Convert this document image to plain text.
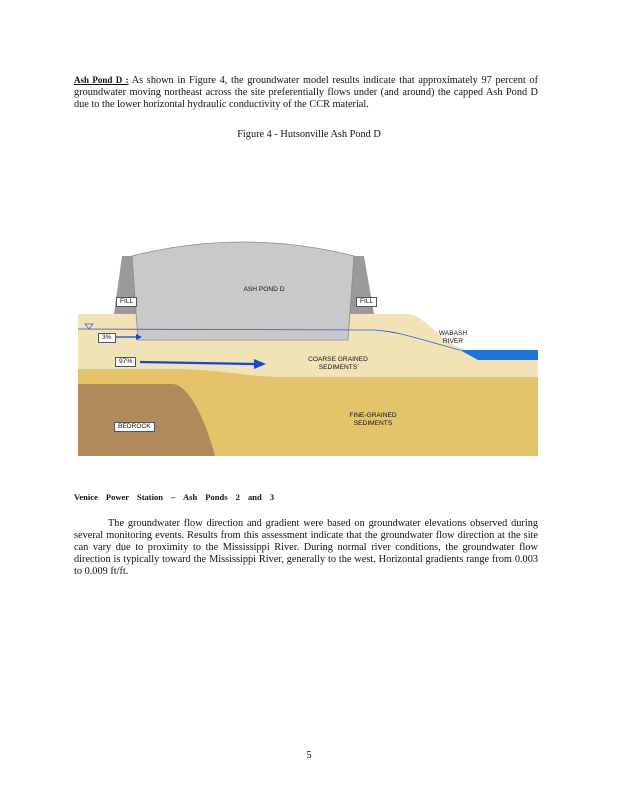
Ash Pond D : As shown in Figure 4, the groundwater model results indicate that approximately 97 percent of groundwater moving northeast across the site preferentially flows under (and around) the capped Ash Pond D due to the lower horizontal hydraulic conductivity of the CCR material.

Figure 4 - Hutsonville Ash Pond D
ASH POND D
FILL	FILL
3%
97%
WABASH
RIVER
COARSE GRAINED
SEDIMENTS
FINE-GRAINED
SEDIMENTS
BEDROCK
Venice Power Station – Ash Ponds 2 and 3

The groundwater flow direction and gradient were based on groundwater elevations observed during several monitoring events. Results from this assessment indicate that the groundwater flow direction at the site can vary due to proximity to the Mississippi River. During normal river conditions, the groundwater flow direction is typically toward the Mississippi River, generally to the west. Horizontal gradients range from 0.003 to 0.009 ft/ft.

5
